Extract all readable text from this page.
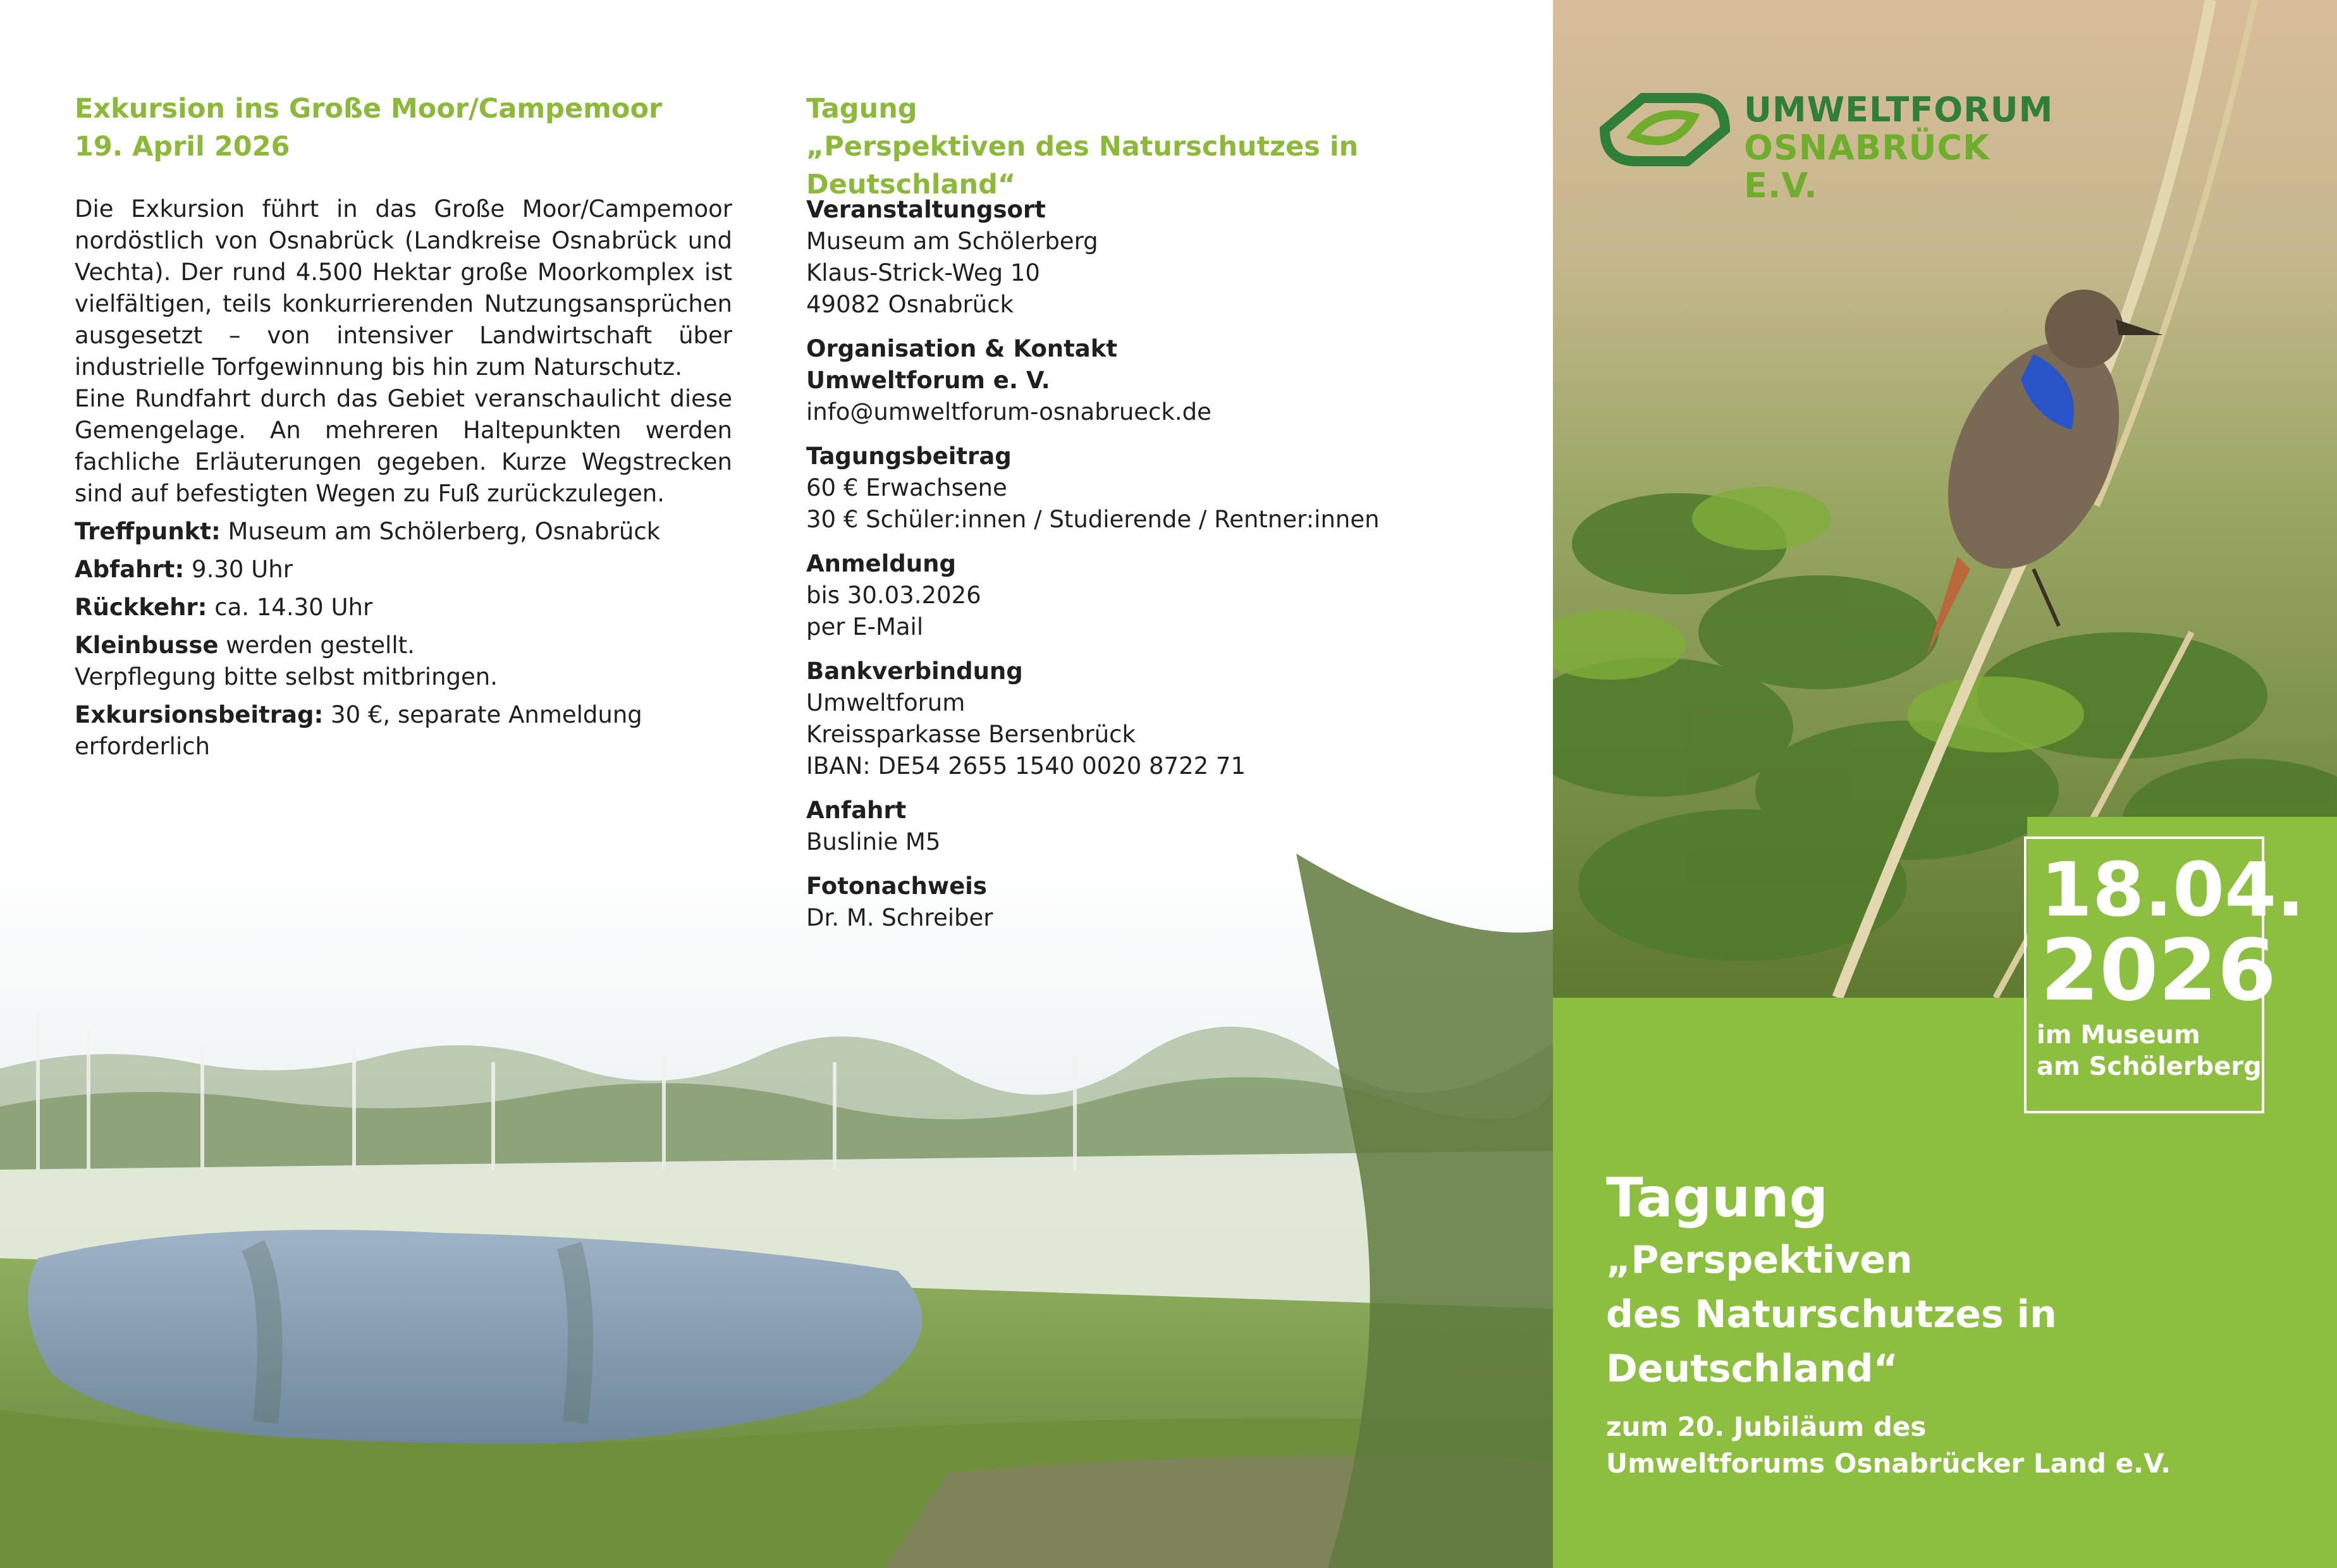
Exkursion ins Große Moor/Campemoor

19. April 2026

Die Exkursion führt in das Große Moor/Campemoor nordöstlich von Osnabrück (Landkreise Osnabrück und Vechta). Der rund 4.500 Hektar große Moorkomplex ist vielfältigen, teils konkurrierenden Nutzungsansprüchen ausgesetzt – von intensiver Landwirtschaft über industrielle Torfgewinnung bis hin zum Naturschutz.

Eine Rundfahrt durch das Gebiet veranschaulicht diese Gemengelage. An mehreren Haltepunkten werden fachliche Erläuterungen gegeben. Kurze Wegstrecken sind auf befestigten Wegen zu Fuß zurückzulegen.

Treffpunkt: Museum am Schölerberg, Osnabrück

Abfahrt: 9.30 Uhr

Rückkehr: ca. 14.30 Uhr

Kleinbusse werden gestellt.

Verpflegung bitte selbst mitbringen.

Exkursionsbeitrag: 30 €, separate Anmeldung erforderlich

Tagung

„Perspektiven des Naturschutzes in Deutschland“

Veranstaltungsort
Museum am Schölerberg
Klaus-Strick-Weg 10
49082 Osnabrück
Organisation & Kontakt
Umweltforum e. V.
info@umweltforum-osnabrueck.de
Tagungsbeitrag
60 € Erwachsene
30 € Schüler:innen / Studierende / Rentner:innen
Anmeldung
bis 30.03.2026
per E-Mail
Bankverbindung
Umweltforum
Kreissparkasse Bersenbrück
IBAN: DE54 2655 1540 0020 8722 71
Anfahrt
Buslinie M5
Fotonachweis
Dr. M. Schreiber
UMWELTFORUM
OSNABRÜCK E.V.
18.04.
2026
im Museum
am Schölerberg

Tagung

„Perspektiven
des Naturschutzes in Deutschland“

zum 20. Jubiläum des
Umweltforums Osnabrücker Land e.V.
